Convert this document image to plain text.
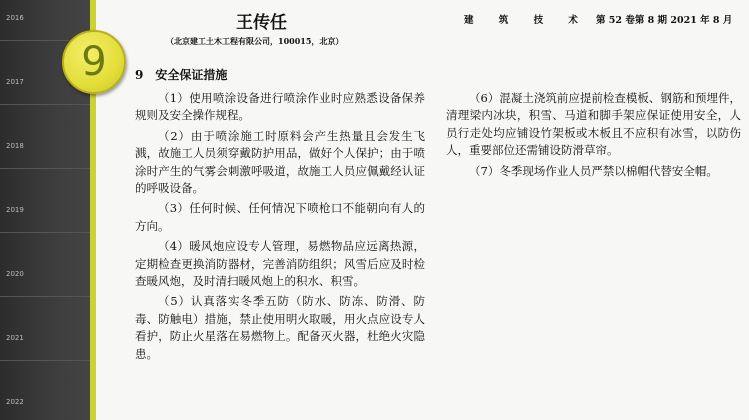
2016
2017
2018
2019
2020
2021
2022
9
王传任
（北京建工土木工程有限公司，100015，北京）
建 筑 技 术 第 52 卷第 8 期 2021 年 8 月
9　安全保证措施

（1）使用喷涂设备进行喷涂作业时应熟悉设备保养规则及安全操作规程。

（2）由于喷涂施工时原料会产生热量且会发生飞溅，故施工人员须穿戴防护用品，做好个人保护；由于喷涂时产生的气雾会刺激呼吸道，故施工人员应佩戴经认证的呼吸设备。

（3）任何时候、任何情况下喷枪口不能朝向有人的方向。

（4）暖风炮应设专人管理，易燃物品应远离热源，定期检查更换消防器材，完善消防组织；风雪后应及时检查暖风炮，及时清扫暖风炮上的积水、积雪。

（5）认真落实冬季五防（防水、防冻、防滑、防毒、防触电）措施，禁止使用明火取暖，用火点应设专人看护，防止火星落在易燃物上。配备灭火器，杜绝火灾隐患。

（6）混凝土浇筑前应提前检查模板、钢筋和预埋件，清理梁内冰块，积雪、马道和脚手架应保证使用安全，人员行走处均应铺设竹架板或木板且不应积有冰雪，以防伤人，重要部位还需铺设防滑草帘。

（7）冬季现场作业人员严禁以棉帽代替安全帽。
